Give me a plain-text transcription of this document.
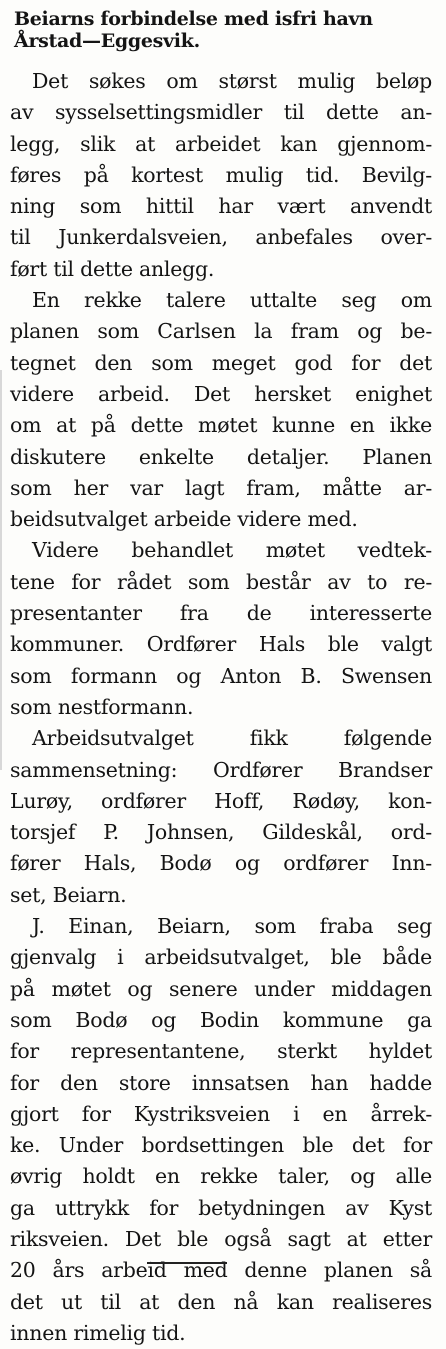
Beiarns forbindelse med isfri havn
Årstad—Eggesvik.

Det søkes om størst mulig beløp
av sysselsettingsmidler til dette an-
legg, slik at arbeidet kan gjennom-
føres på kortest mulig tid. Bevilg-
ning som hittil har vært anvendt
til Junkerdalsveien, anbefales over-
ført til dette anlegg.

En rekke talere uttalte seg om
planen som Carlsen la fram og be-
tegnet den som meget god for det
videre arbeid. Det hersket enighet
om at på dette møtet kunne en ikke
diskutere enkelte detaljer. Planen
som her var lagt fram, måtte ar-
beidsutvalget arbeide videre med.

Videre behandlet møtet vedtek-
tene for rådet som består av to re-
presentanter fra de interesserte
kommuner. Ordfører Hals ble valgt
som formann og Anton B. Swensen
som nestformann.

Arbeidsutvalget fikk følgende
sammensetning: Ordfører Brandser
Lurøy, ordfører Hoff, Rødøy, kon-
torsjef P. Johnsen, Gildeskål, ord-
fører Hals, Bodø og ordfører Inn-
set, Beiarn.

J. Einan, Beiarn, som fraba seg
gjenvalg i arbeidsutvalget, ble både
på møtet og senere under middagen
som Bodø og Bodin kommune ga
for representantene, sterkt hyldet
for den store innsatsen han hadde
gjort for Kystriksveien i en årrek-
ke. Under bordsettingen ble det for
øvrig holdt en rekke taler, og alle
ga uttrykk for betydningen av Kyst
riksveien. Det ble også sagt at etter
20 års arbeid med denne planen så
det ut til at den nå kan realiseres
innen rimelig tid.
